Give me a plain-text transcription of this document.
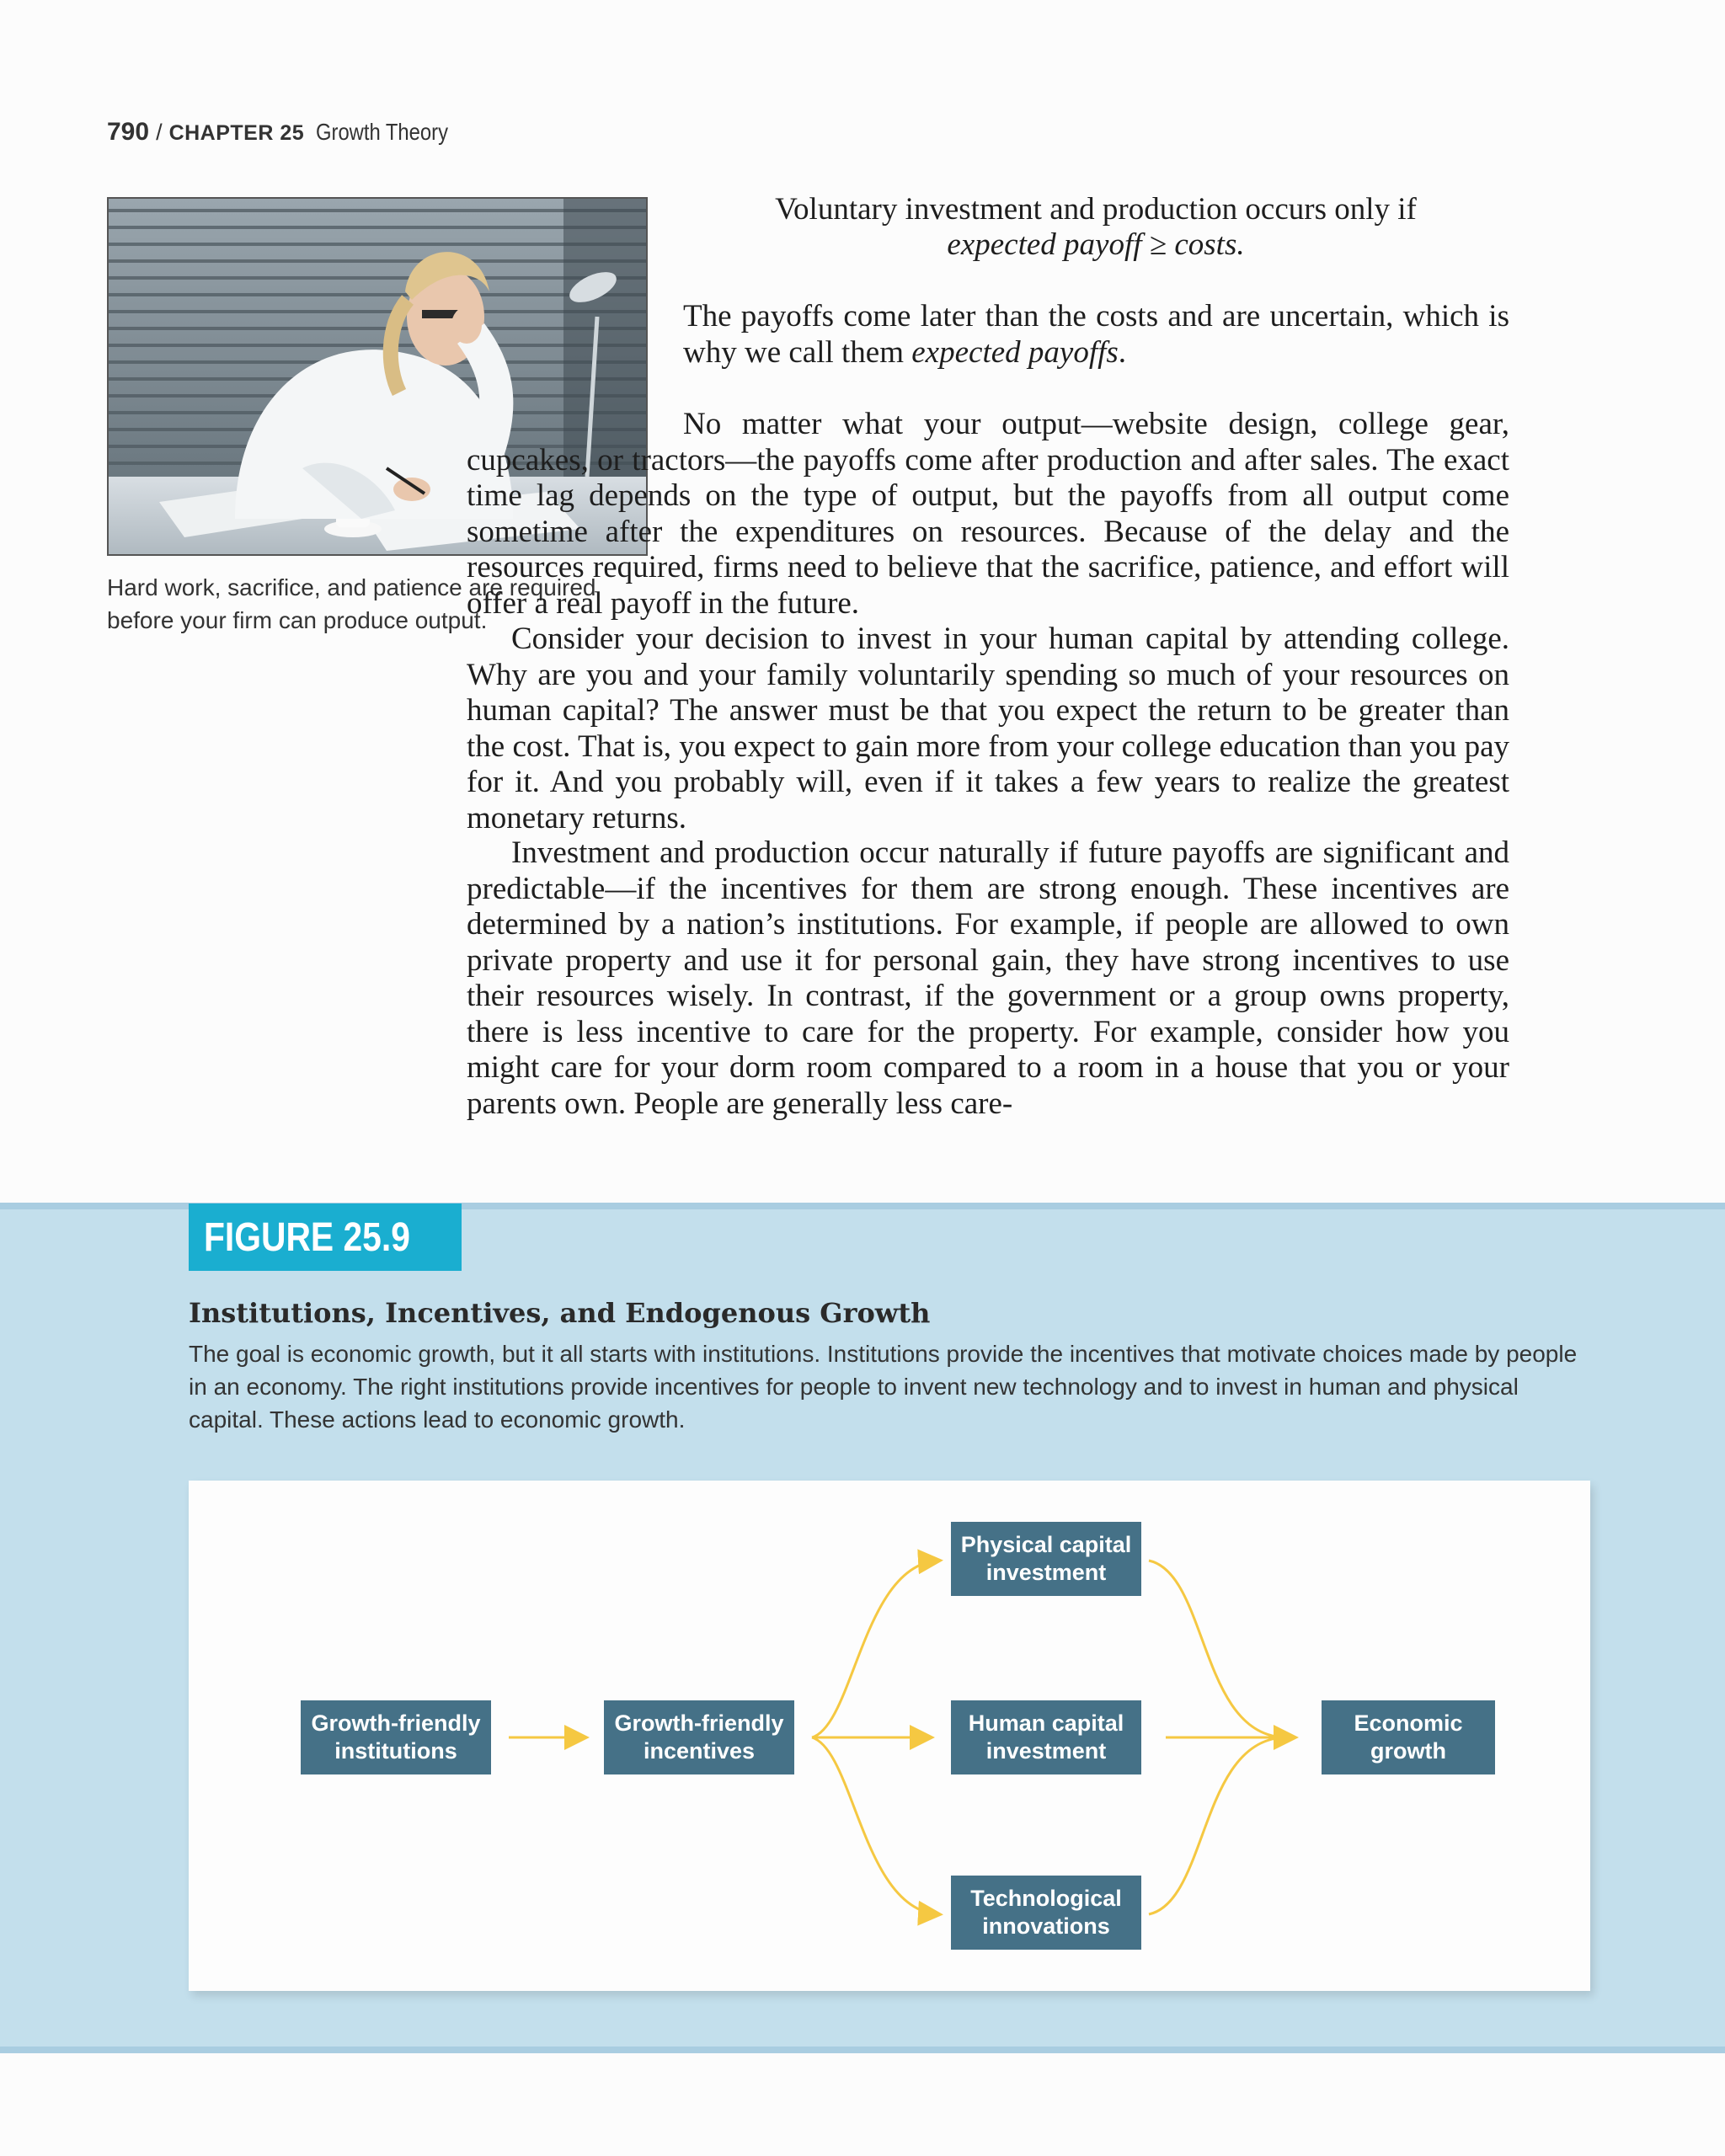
790 / CHAPTER 25 Growth Theory
Hard work, sacrifice, and patience are required before your firm can produce output.
Voluntary investment and production occurs only if
expected payoff ≥ costs.

The payoffs come later than the costs and are uncertain, which is why we call them expected payoffs.

No matter what your output—website design, college gear, cupcakes, or tractors—the payoffs come after production and after sales. The exact time lag depends on the type of output, but the payoffs from all output come sometime after the expenditures on resources. Because of the delay and the resources required, firms need to believe that the sacrifice, patience, and effort will offer a real payoff in the future.
Consider your decision to invest in your human capital by attending college. Why are you and your family voluntarily spending so much of your resources on human capital? The answer must be that you expect the return to be greater than the cost. That is, you expect to gain more from your college education than you pay for it. And you probably will, even if it takes a few years to realize the greatest monetary returns.

Investment and production occur naturally if future payoffs are significant and predictable—if the incentives for them are strong enough. These incentives are determined by a nation’s institutions. For example, if people are allowed to own private property and use it for personal gain, they have strong incentives to use their resources wisely. In contrast, if the government or a group owns property, there is less incentive to care for the property. For example, consider how you might care for your dorm room compared to a room in a house that you or your parents own. People are generally less care-

FIGURE 25.9
Institutions, Incentives, and Endogenous Growth
The goal is economic growth, but it all starts with institutions. Institutions provide the incentives that motivate choices made by people in an economy. The right institutions provide incentives for people to invent new technology and to invest in human and physical capital. These actions lead to economic growth.
Growth-friendly institutions
Growth-friendly incentives
Physical capital investment
Human capital investment
Technological innovations
Economic growth
